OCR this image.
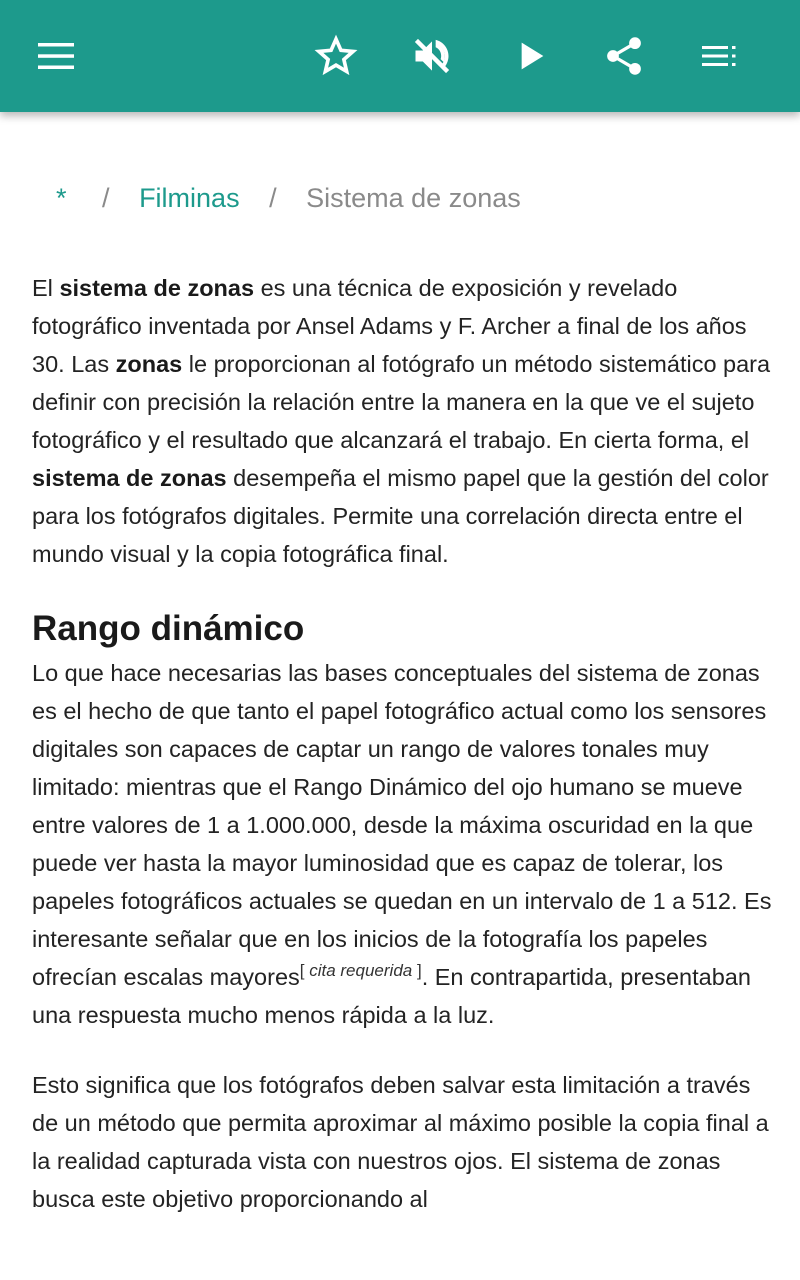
* / Filminas / Sistema de zonas

El sistema de zonas es una técnica de exposición y revelado fotográfico inventada por Ansel Adams y F. Archer a final de los años 30. Las zonas le proporcionan al fotógrafo un método sistemático para definir con precisión la relación entre la manera en la que ve el sujeto fotográfico y el resultado que alcanzará el trabajo. En cierta forma, el sistema de zonas desempeña el mismo papel que la gestión del color para los fotógrafos digitales. Permite una correlación directa entre el mundo visual y la copia fotográfica final.

Rango dinámico

Lo que hace necesarias las bases conceptuales del sistema de zonas es el hecho de que tanto el papel fotográfico actual como los sensores digitales son capaces de captar un rango de valores tonales muy limitado: mientras que el Rango Dinámico del ojo humano se mueve entre valores de 1 a 1.000.000, desde la máxima oscuridad en la que puede ver hasta la mayor luminosidad que es capaz de tolerar, los papeles fotográficos actuales se quedan en un intervalo de 1 a 512. Es interesante señalar que en los inicios de la fotografía los papeles ofrecían escalas mayores[ cita requerida ]. En contrapartida, presentaban una respuesta mucho menos rápida a la luz.

Esto significa que los fotógrafos deben salvar esta limitación a través de un método que permita aproximar al máximo posible la copia final a la realidad capturada vista con nuestros ojos. El sistema de zonas busca este objetivo proporcionando al
